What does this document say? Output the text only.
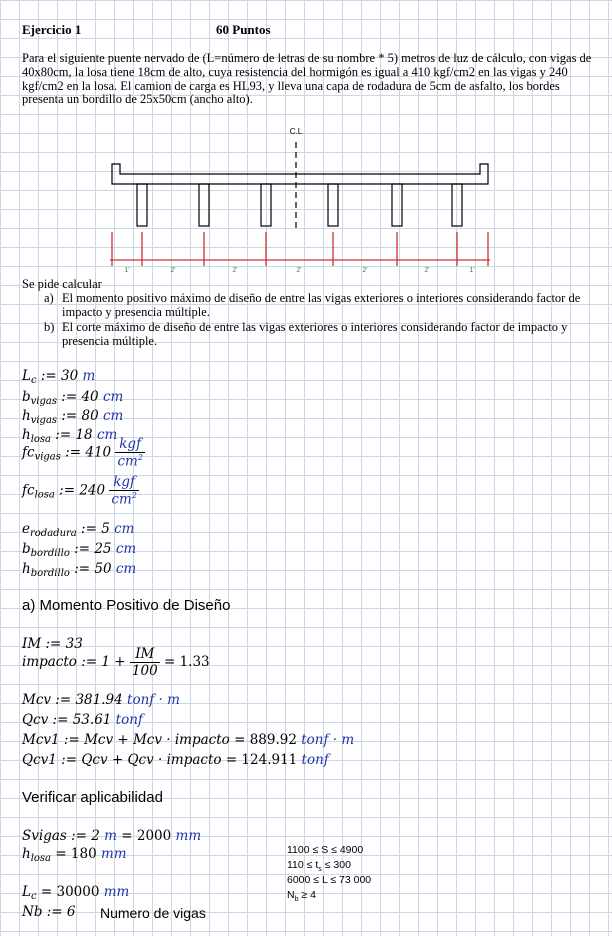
Ejercicio 1	60 Puntos
Para el siguiente puente nervado de (L=número de letras de su nombre * 5) metros de luz de cálculo, con vigas de 40x80cm, la losa tiene 18cm de alto, cuya resistencia del hormigón es igual a 410 kgf/cm2 en las vigas y 240 kgf/cm2 en la losa. El camion de carga es HL93, y lleva una capa de rodadura de 5cm de asfalto, los bordes presenta un bordillo de 25x50cm (ancho alto).
C.L
1'	2'	2'	2'	2'	2'	1'
Se pide calcular
a) El momento positivo máximo de diseño de entre las vigas exteriores o interiores considerando factor de impacto y presencia múltiple.
b) El corte máximo de diseño de entre las vigas exteriores o interiores considerando factor de impacto y presencia múltiple.
$L_c$ := 30 m
$b_{vigas}$ := 40 cm
$h_{vigas}$ := 80 cm
$h_{losa}$ := 18 cm
$fc_{vigas}$ := $410 \frac{\text{kgf}}{cm^2}$
$fc_{losa}$ := $240 \frac{\text{kgf}}{cm^2}$
$e_{rodadura}$ := 5 cm
$b_{bordillo}$ := 25 cm
$h_{bordillo}$ := 50 cm
a) Momento Positivo de Diseño
IM := 33
impacto := $1 + \frac{IM}{100} = 1.33$
Mcv := 381.94 tonf · m
Qcv := 53.61 tonf
Mcv1 := Mcv + Mcv · impacto = 889.92 tonf · m
Qcv1 := Qcv + Qcv · impacto = 124.911 tonf
Verificar aplicabilidad
Svigas := 2 m = 2000 mm
$h_{losa} = 180$ mm
$L_c = 30000$ mm
Nb := 6 Numero de vigas
1100 ≤ S ≤ 4900
$110 \le t_s \le 300$
6000 ≤ L ≤ 73 000
$N_b \ge 4$
